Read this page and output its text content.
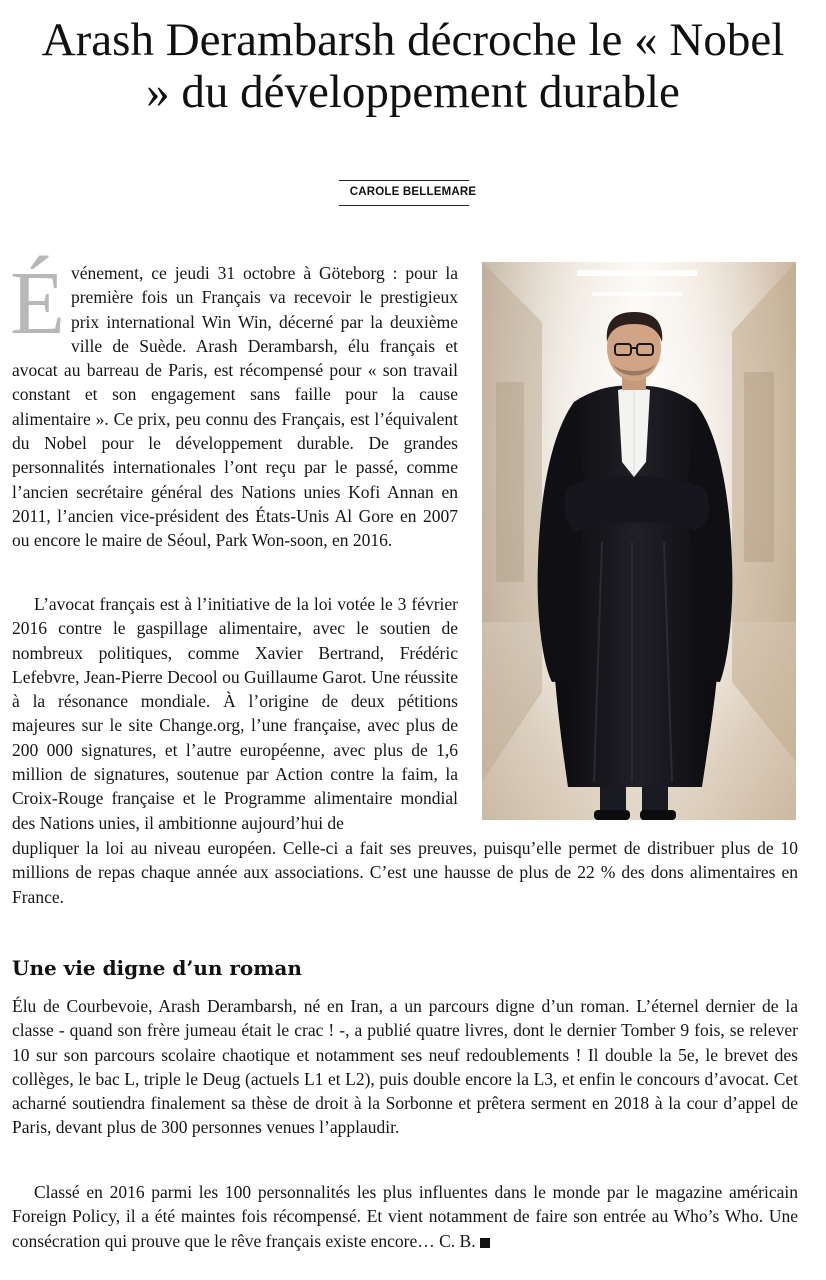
Arash Derambarsh décroche le « Nobel » du développement durable
CAROLE BELLEMARE

Événement, ce jeudi 31 octobre à Göteborg : pour la première fois un Français va recevoir le prestigieux prix international Win Win, décerné par la deuxième ville de Suède. Arash Derambarsh, élu français et avocat au barreau de Paris, est récompensé pour « son travail constant et son engagement sans faille pour la cause alimentaire ». Ce prix, peu connu des Français, est l’équivalent du Nobel pour le développement durable. De grandes personnalités internationales l’ont reçu par le passé, comme l’ancien secrétaire général des Nations unies Kofi Annan en 2011, l’ancien vice-président des États-Unis Al Gore en 2007 ou encore le maire de Séoul, Park Won-soon, en 2016.

L’avocat français est à l’initiative de la loi votée le 3 février 2016 contre le gaspillage alimentaire, avec le soutien de nombreux politiques, comme Xavier Bertrand, Frédéric Lefebvre, Jean-Pierre Decool ou Guillaume Garot. Une réussite à la résonance mondiale. À l’origine de deux pétitions majeures sur le site Change.org, l’une française, avec plus de 200 000 signatures, et l’autre européenne, avec plus de 1,6 million de signatures, soutenue par Action contre la faim, la Croix-Rouge française et le Programme alimentaire mondial des Nations unies, il ambitionne aujourd’hui de

dupliquer la loi au niveau européen. Celle-ci a fait ses preuves, puisqu’elle permet de distribuer plus de 10 millions de repas chaque année aux associations. C’est une hausse de plus de 22 % des dons alimentaires en France.

Une vie digne d’un roman

Élu de Courbevoie, Arash Derambarsh, né en Iran, a un parcours digne d’un roman. L’éternel dernier de la classe - quand son frère jumeau était le crac ! -, a publié quatre livres, dont le dernier Tomber 9 fois, se relever 10 sur son parcours scolaire chaotique et notamment ses neuf redoublements ! Il double la 5e, le brevet des collèges, le bac L, triple le Deug (actuels L1 et L2), puis double encore la L3, et enfin le concours d’avocat. Cet acharné soutiendra finalement sa thèse de droit à la Sorbonne et prêtera serment en 2018 à la cour d’appel de Paris, devant plus de 300 personnes venues l’applaudir.

Classé en 2016 parmi les 100 personnalités les plus influentes dans le monde par le magazine américain Foreign Policy, il a été maintes fois récompensé. Et vient notamment de faire son entrée au Who’s Who. Une consécration qui prouve que le rêve français existe encore… C. B.
